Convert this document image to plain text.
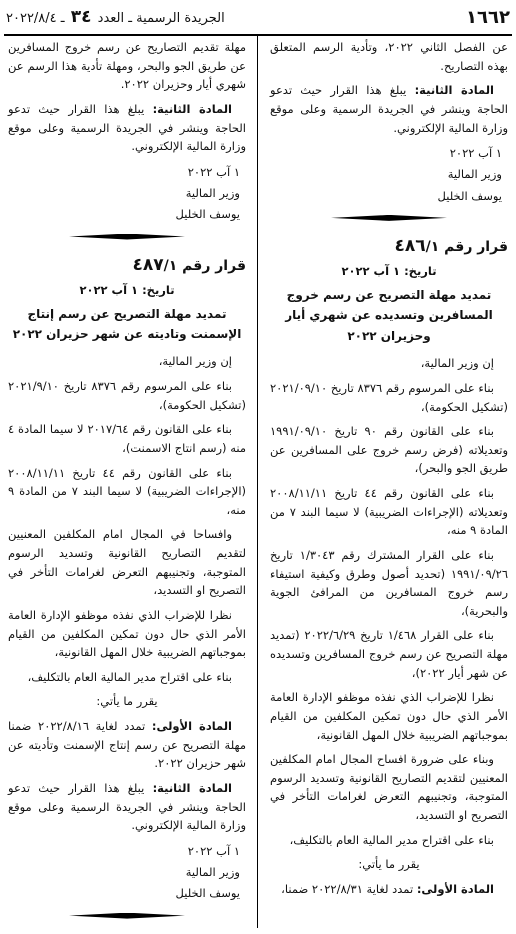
١٦٦٢
الجريدة الرسمية ـ العدد ٣٤ ـ ٢٠٢٢/٨/٤

عن الفصل الثاني ٢٠٢٢، وتأدية الرسم المتعلق بهذه التصاريح.

المادة الثانية: يبلغ هذا القرار حيث تدعو الحاجة وينشر في الجريدة الرسمية وعلى موقع وزارة المالية الإلكتروني.

١ آب ٢٠٢٢
وزير المالية
يوسف الخليل
قرار رقم ٤٨٦/١
تاريخ: ١ آب ٢٠٢٢
تمديد مهلة التصريح عن رسم خروج المسافرين وتسديده عن شهري أيار وحزيران ٢٠٢٢

إن وزير المالية،

بناء على المرسوم رقم ٨٣٧٦ تاريخ ٢٠٢١/٠٩/١٠ (تشكيل الحكومة)،

بناء على القانون رقم ٩٠ تاريخ ١٩٩١/٠٩/١٠ وتعديلاته (فرض رسم خروج على المسافرين عن طريق الجو والبحر)،

بناء على القانون رقم ٤٤ تاريخ ٢٠٠٨/١١/١١ وتعديلاته (الإجراءات الضريبية) لا سيما البند ٧ من المادة ٩ منه،

بناء على القرار المشترك رقم ١/٣٠٤٣ تاريخ ١٩٩١/٠٩/٢٦ (تحديد أصول وطرق وكيفية استيفاء رسم خروج المسافرين من المرافئ الجوية والبحرية)،

بناء على القرار ١/٤٦٨ تاريخ ٢٠٢٢/٦/٢٩ (تمديد مهلة التصريح عن رسم خروج المسافرين وتسديده عن شهر أيار ٢٠٢٢)،

نظرا للإضراب الذي نفذه موظفو الإدارة العامة الأمر الذي حال دون تمكين المكلفين من القيام بموجباتهم الضريبية خلال المهل القانونية،

وبناء على ضرورة افساح المجال امام المكلفين المعنيين لتقديم التصاريح القانونية وتسديد الرسوم المتوجبة، وتجنيبهم التعرض لغرامات التأخر في التصريح او التسديد،

بناء على اقتراح مدير المالية العام بالتكليف،

يقرر ما يأتي:

المادة الأولى: تمدد لغاية ٢٠٢٢/٨/٣١ ضمنا،

مهلة تقديم التصاريح عن رسم خروج المسافرين عن طريق الجو والبحر، ومهلة تأدية هذا الرسم عن شهري أيار وحزيران ٢٠٢٢.

المادة الثانية: يبلغ هذا القرار حيث تدعو الحاجة وينشر في الجريدة الرسمية وعلى موقع وزارة المالية الإلكتروني.

١ آب ٢٠٢٢
وزير المالية
يوسف الخليل
قرار رقم ٤٨٧/١
تاريخ: ١ آب ٢٠٢٢
تمديد مهلة التصريح عن رسم إنتاج الإسمنت وتاديته عن شهر حزيران ٢٠٢٢

إن وزير المالية،

بناء على المرسوم رقم ٨٣٧٦ تاريخ ٢٠٢١/٩/١٠ (تشكيل الحكومة)،

بناء على القانون رقم ٢٠١٧/٦٤ لا سيما المادة ٤ منه (رسم انتاج الاسمنت)،

بناء على القانون رقم ٤٤ تاريخ ٢٠٠٨/١١/١١ (الإجراءات الضريبية) لا سيما البند ٧ من المادة ٩ منه،

وافساحا في المجال امام المكلفين المعنيين لتقديم التصاريح القانونية وتسديد الرسوم المتوجبة، وتجنيبهم التعرض لغرامات التأخر في التصريح او التسديد،

نظرا للإضراب الذي نفذه موظفو الإدارة العامة الأمر الذي حال دون تمكين المكلفين من القيام بموجباتهم الضريبية خلال المهل القانونية،

بناء على اقتراح مدير المالية العام بالتكليف،

يقرر ما يأتي:

المادة الأولى: تمدد لغاية ٢٠٢٢/٨/١٦ ضمنا مهلة التصريح عن رسم إنتاج الإسمنت وتأديته عن شهر حزيران ٢٠٢٢.

المادة الثانية: يبلغ هذا القرار حيث تدعو الحاجة وينشر في الجريدة الرسمية وعلى موقع وزارة المالية الإلكتروني.

١ آب ٢٠٢٢
وزير المالية
يوسف الخليل
